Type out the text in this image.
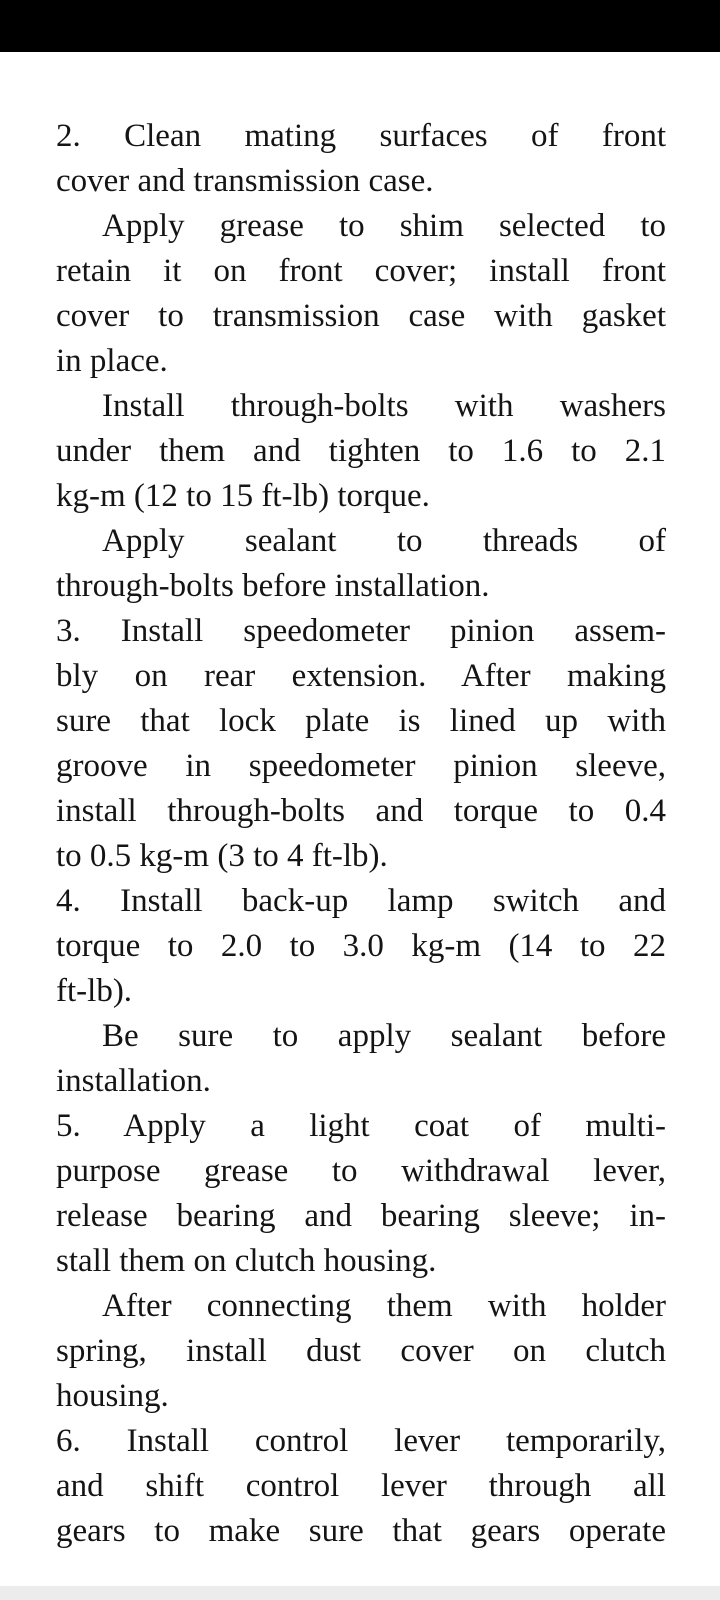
2. Clean mating surfaces of front
cover and transmission case.
Apply grease to shim selected to
retain it on front cover; install front
cover to transmission case with gasket
in place.
Install through-bolts with washers
under them and tighten to 1.6 to 2.1
kg-m (12 to 15 ft-lb) torque.
Apply sealant to threads of
through-bolts before installation.
3. Install speedometer pinion assem-
bly on rear extension. After making
sure that lock plate is lined up with
groove in speedometer pinion sleeve,
install through-bolts and torque to 0.4
to 0.5 kg-m (3 to 4 ft-lb).
4. Install back-up lamp switch and
torque to 2.0 to 3.0 kg-m (14 to 22
ft-lb).
Be sure to apply sealant before
installation.
5. Apply a light coat of multi-
purpose grease to withdrawal lever,
release bearing and bearing sleeve; in-
stall them on clutch housing.
After connecting them with holder
spring, install dust cover on clutch
housing.
6. Install control lever temporarily,
and shift control lever through all
gears to make sure that gears operate
